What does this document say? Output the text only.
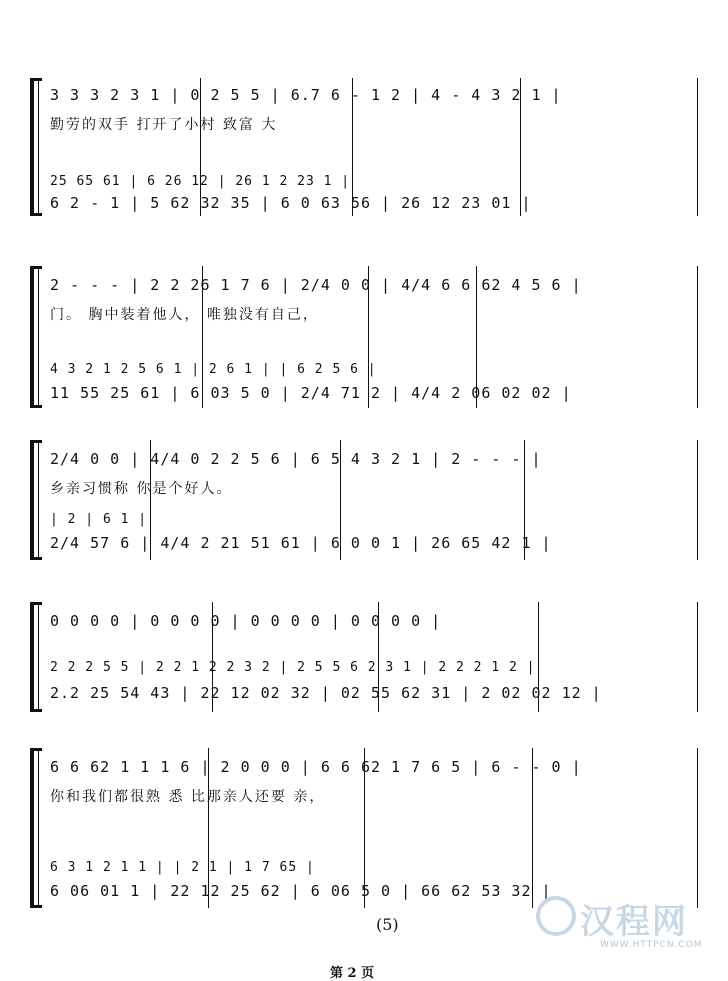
3 3 3 2 3 1 | 0 2 5 5 | 6.7 6 - 1 2 | 4 - 4 3 2 1 |
勤劳的双手 打开了小村 致富 大
25 65 61 | 6 26 12 | 26 1 2 23 1 |
6 2 - 1 | 5 62 32 35 | 6 0 63 56 | 26 12 23 01 |
2 - - - | 2 2 26 1 7 6 | 2/4 0 0 | 4/4 6 6 62 4 5 6 |
门。 胸中装着他人， 唯独没有自己，
4 3 2 1 2 5 6 1 | 2 6 1 | | 6 2 5 6 |
11 55 25 61 | 6 03 5 0 | 2/4 71 2 | 4/4 2 06 02 02 |
2/4 0 0 | 4/4 0 2 2 5 6 | 6 5 4 3 2 1 | 2 - - - |
乡亲习惯称 你是个好人。
| 2 | 6 1 |
2/4 57 6 | 4/4 2 21 51 61 | 6 0 0 1 | 26 65 42 1 |
0 0 0 0 | 0 0 0 0 | 0 0 0 0 | 0 0 0 0 |
2 2 2 5 5 | 2 2 1 2 2 3 2 | 2 5 5 6 2 3 1 | 2 2 2 1 2 |
2.2 25 54 43 | 22 12 02 32 | 02 55 62 31 | 2 02 02 12 |
6 6 62 1 1 1 6 | 2 0 0 0 | 6 6 62 1 7 6 5 | 6 - - 0 |
你和我们都很熟 悉 比那亲人还要 亲，
6 3 1 2 1 1 | | 2 1 | 1 7 65 |
6 06 01 1 | 22 12 25 62 | 6 06 5 0 | 66 62 53 32 |
(5)
第 2 页
汉程网
WWW.HTTPCN.COM
